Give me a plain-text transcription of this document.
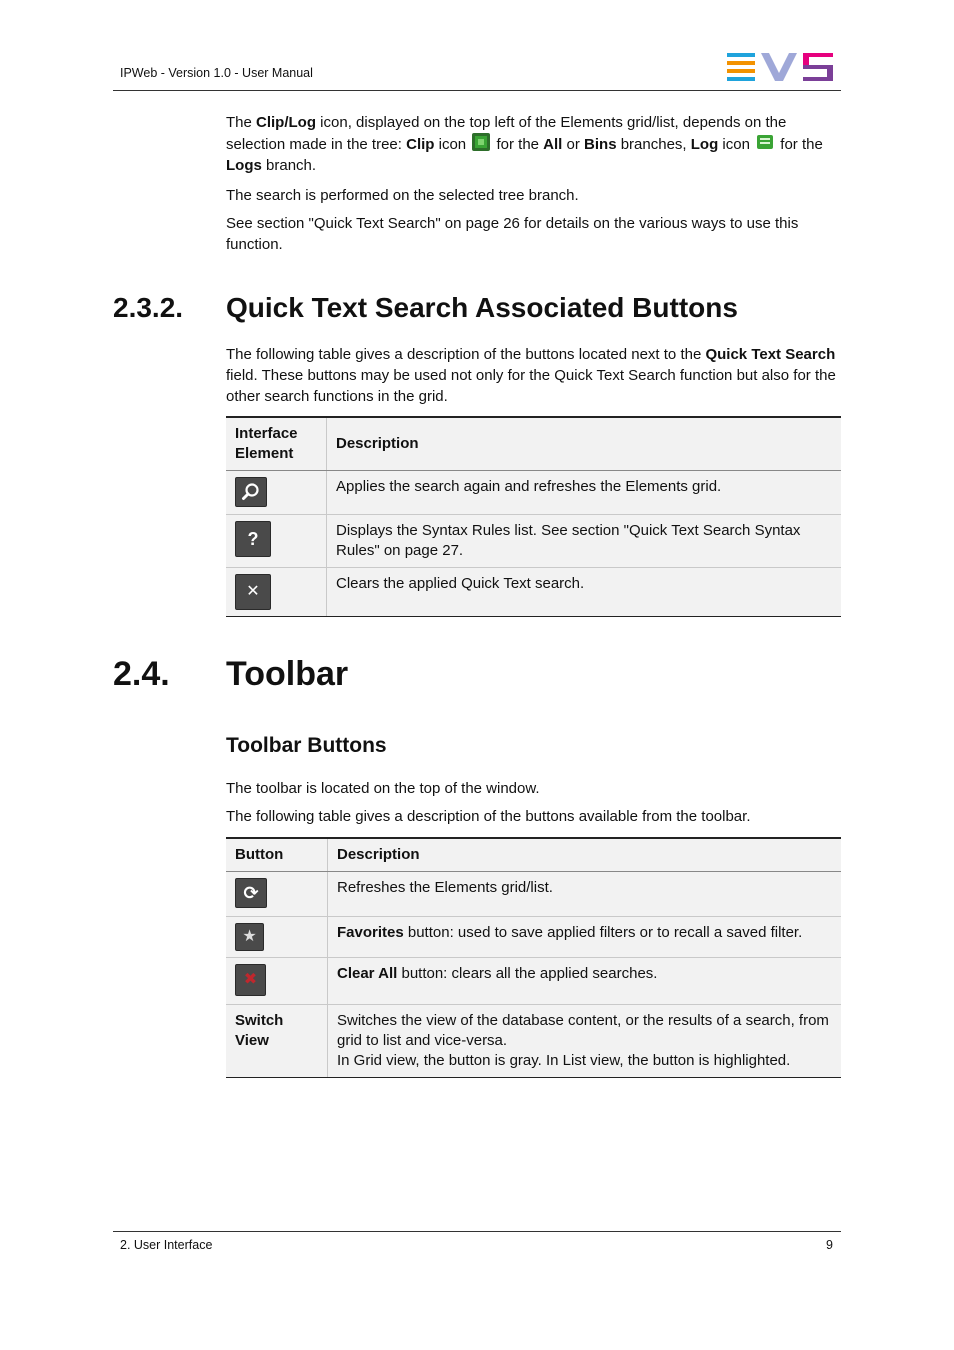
IPWeb - Version 1.0 - User Manual
The Clip/Log icon, displayed on the top left of the Elements grid/list, depends on the selection made in the tree: Clip icon  for the All or Bins branches, Log icon  for the Logs branch.
The search is performed on the selected tree branch.
See section "Quick Text Search" on page 26 for details on the various ways to use this function.
2.3.2. Quick Text Search Associated Buttons
The following table gives a description of the buttons located next to the Quick Text Search field. These buttons may be used not only for the Quick Text Search function but also for the other search functions in the grid.
Interface Element	Description

	Applies the search again and refreshes the Elements grid.
?	Displays the Syntax Rules list. See section "Quick Text Search Syntax Rules" on page 27.
✕	Clears the applied Quick Text search.
2.4. Toolbar
Toolbar Buttons
The toolbar is located on the top of the window.
The following table gives a description of the buttons available from the toolbar.
Button	Description
⟳	Refreshes the Elements grid/list.
★	Favorites button: used to save applied filters or to recall a saved filter.
✖	Clear All button: clears all the applied searches.
Switch View	Switches the view of the database content, or the results of a search, from grid to list and vice-versa.
In Grid view, the button is gray. In List view, the button is highlighted.
2. User Interface	9
